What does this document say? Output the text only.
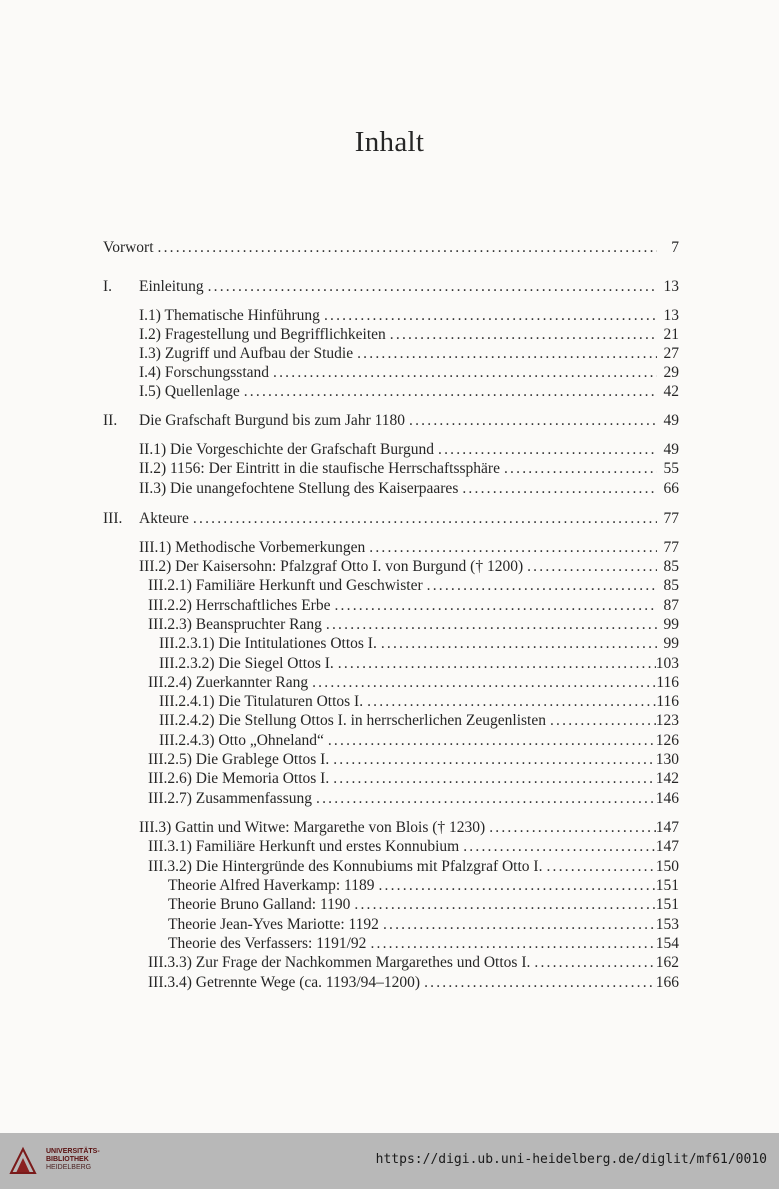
Inhalt
Vorwort .....	7
I. Einleitung .....	13
I.1) Thematische Hinführung .....	13
I.2) Fragestellung und Begrifflichkeiten .....	21
I.3) Zugriff und Aufbau der Studie .....	27
I.4) Forschungsstand .....	29
I.5) Quellenlage .....	42
II. Die Grafschaft Burgund bis zum Jahr 1180 .....	49
II.1) Die Vorgeschichte der Grafschaft Burgund .....	49
II.2) 1156: Der Eintritt in die staufische Herrschaftssphäre .....	55
II.3) Die unangefochtene Stellung des Kaiserpaares .....	66
III. Akteure .....	77
III.1) Methodische Vorbemerkungen .....	77
III.2) Der Kaisersohn: Pfalzgraf Otto I. von Burgund († 1200) .....	85
III.2.1) Familiäre Herkunft und Geschwister .....	85
III.2.2) Herrschaftliches Erbe .....	87
III.2.3) Beanspruchter Rang .....	99
III.2.3.1) Die Intitulationes Ottos I. .....	99
III.2.3.2) Die Siegel Ottos I. .....	103
III.2.4) Zuerkannter Rang .....	116
III.2.4.1) Die Titulaturen Ottos I. .....	116
III.2.4.2) Die Stellung Ottos I. in herrscherlichen Zeugenlisten .....	123
III.2.4.3) Otto „Ohneland“ .....	126
III.2.5) Die Grablege Ottos I. .....	130
III.2.6) Die Memoria Ottos I. .....	142
III.2.7) Zusammenfassung .....	146
III.3) Gattin und Witwe: Margarethe von Blois († 1230) .....	147
III.3.1) Familiäre Herkunft und erstes Konnubium .....	147
III.3.2) Die Hintergründe des Konnubiums mit Pfalzgraf Otto I. .....	150
Theorie Alfred Haverkamp: 1189 .....	151
Theorie Bruno Galland: 1190 .....	151
Theorie Jean-Yves Mariotte: 1192 .....	153
Theorie des Verfassers: 1191/92 .....	154
III.3.3) Zur Frage der Nachkommen Margarethes und Ottos I. .....	162
III.3.4) Getrennte Wege (ca. 1193/94–1200) .....	166
UNIVERSITÄTS-
BIBLIOTHEK
HEIDELBERG
https://digi.ub.uni-heidelberg.de/diglit/mf61/0010
